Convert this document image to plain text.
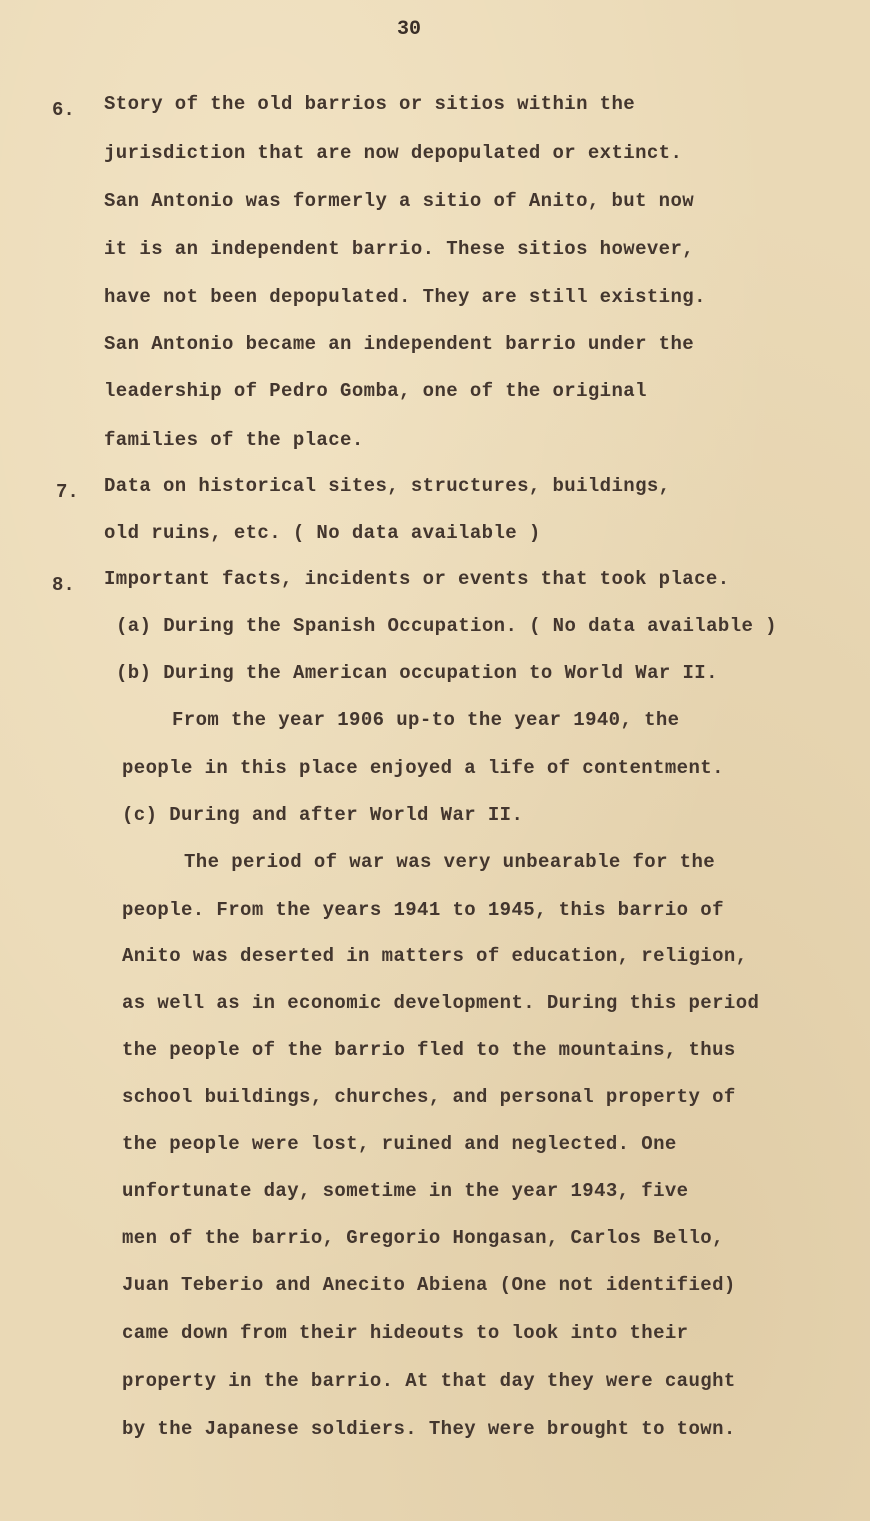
30
6. Story of the old barrios or sitios within the
jurisdiction that are now depopulated or extinct.
San Antonio was formerly a sitio of Anito, but now
it is an independent barrio. These sitios however,
have not been depopulated. They are still existing.
San Antonio became an independent barrio under the
leadership of Pedro Gomba, one of the original
families of the place.
7. Data on historical sites, structures, buildings,
old ruins, etc. ( No data available )
8. Important facts, incidents or events that took place.
(a) During the Spanish Occupation. ( No data available )
(b) During the American occupation to World War II.
From the year 1906 up-to the year 1940, the
people in this place enjoyed a life of contentment.
(c) During and after World War II.
The period of war was very unbearable for the
people. From the years 1941 to 1945, this barrio of
Anito was deserted in matters of education, religion,
as well as in economic development. During this period
the people of the barrio fled to the mountains, thus
school buildings, churches, and personal property of
the people were lost, ruined and neglected. One
unfortunate day, sometime in the year 1943, five
men of the barrio, Gregorio Hongasan, Carlos Bello,
Juan Teberio and Anecito Abiena (One not identified)
came down from their hideouts to look into their
property in the barrio. At that day they were caught
by the Japanese soldiers. They were brought to town.
